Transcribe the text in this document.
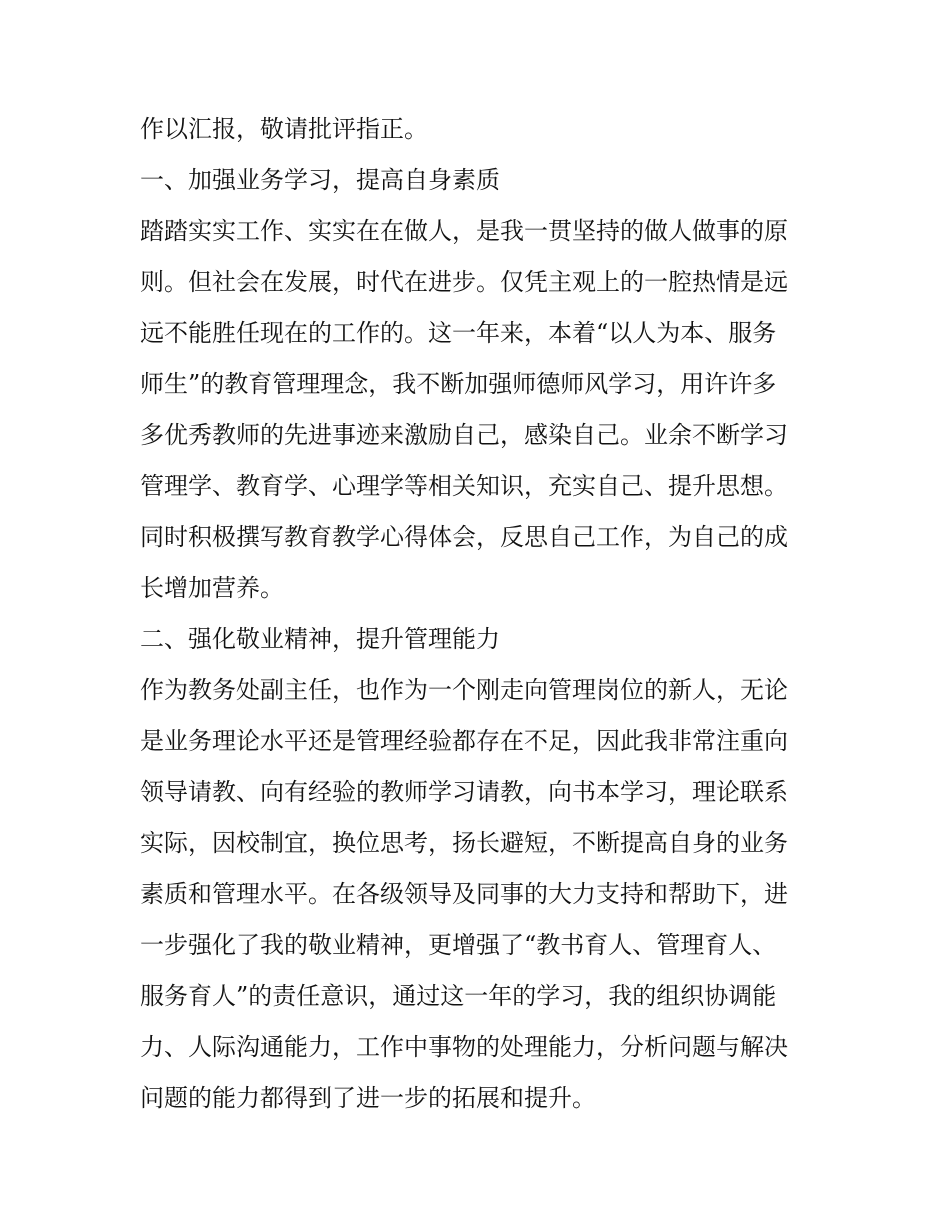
作以汇报，敬请批评指正。
一、加强业务学习，提高自身素质
踏踏实实工作、实实在在做人，是我一贯坚持的做人做事的原
则。但社会在发展，时代在进步。仅凭主观上的一腔热情是远
远不能胜任现在的工作的。这一年来，本着“以人为本、服务
师生”的教育管理理念，我不断加强师德师风学习，用许许多
多优秀教师的先进事迹来激励自己，感染自己。业余不断学习
管理学、教育学、心理学等相关知识，充实自己、提升思想。
同时积极撰写教育教学心得体会，反思自己工作，为自己的成
长增加营养。
二、强化敬业精神，提升管理能力
作为教务处副主任，也作为一个刚走向管理岗位的新人，无论
是业务理论水平还是管理经验都存在不足，因此我非常注重向
领导请教、向有经验的教师学习请教，向书本学习，理论联系
实际，因校制宜，换位思考，扬长避短，不断提高自身的业务
素质和管理水平。在各级领导及同事的大力支持和帮助下，进
一步强化了我的敬业精神，更增强了“教书育人、管理育人、
服务育人”的责任意识，通过这一年的学习，我的组织协调能
力、人际沟通能力，工作中事物的处理能力，分析问题与解决
问题的能力都得到了进一步的拓展和提升。
